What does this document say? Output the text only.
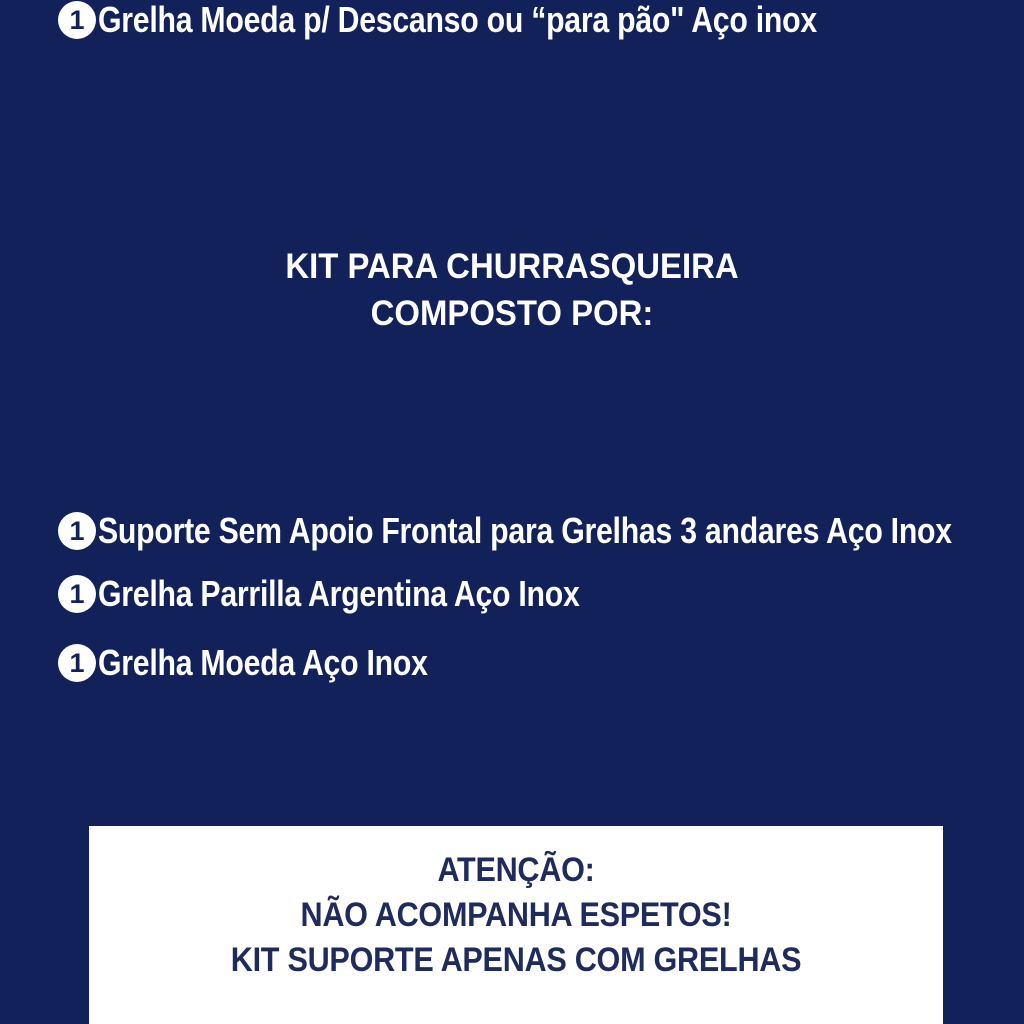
KIT PARA CHURRASQUEIRA
COMPOSTO POR:
1 Suporte Sem Apoio Frontal para Grelhas 3 andares Aço Inox
1 Grelha Parrilla Argentina Aço Inox
1 Grelha Moeda Aço Inox
1 Grelha Moeda p/ Descanso ou “para pão" Aço inox
ATENÇÃO:
NÃO ACOMPANHA ESPETOS!
KIT SUPORTE APENAS COM GRELHAS
